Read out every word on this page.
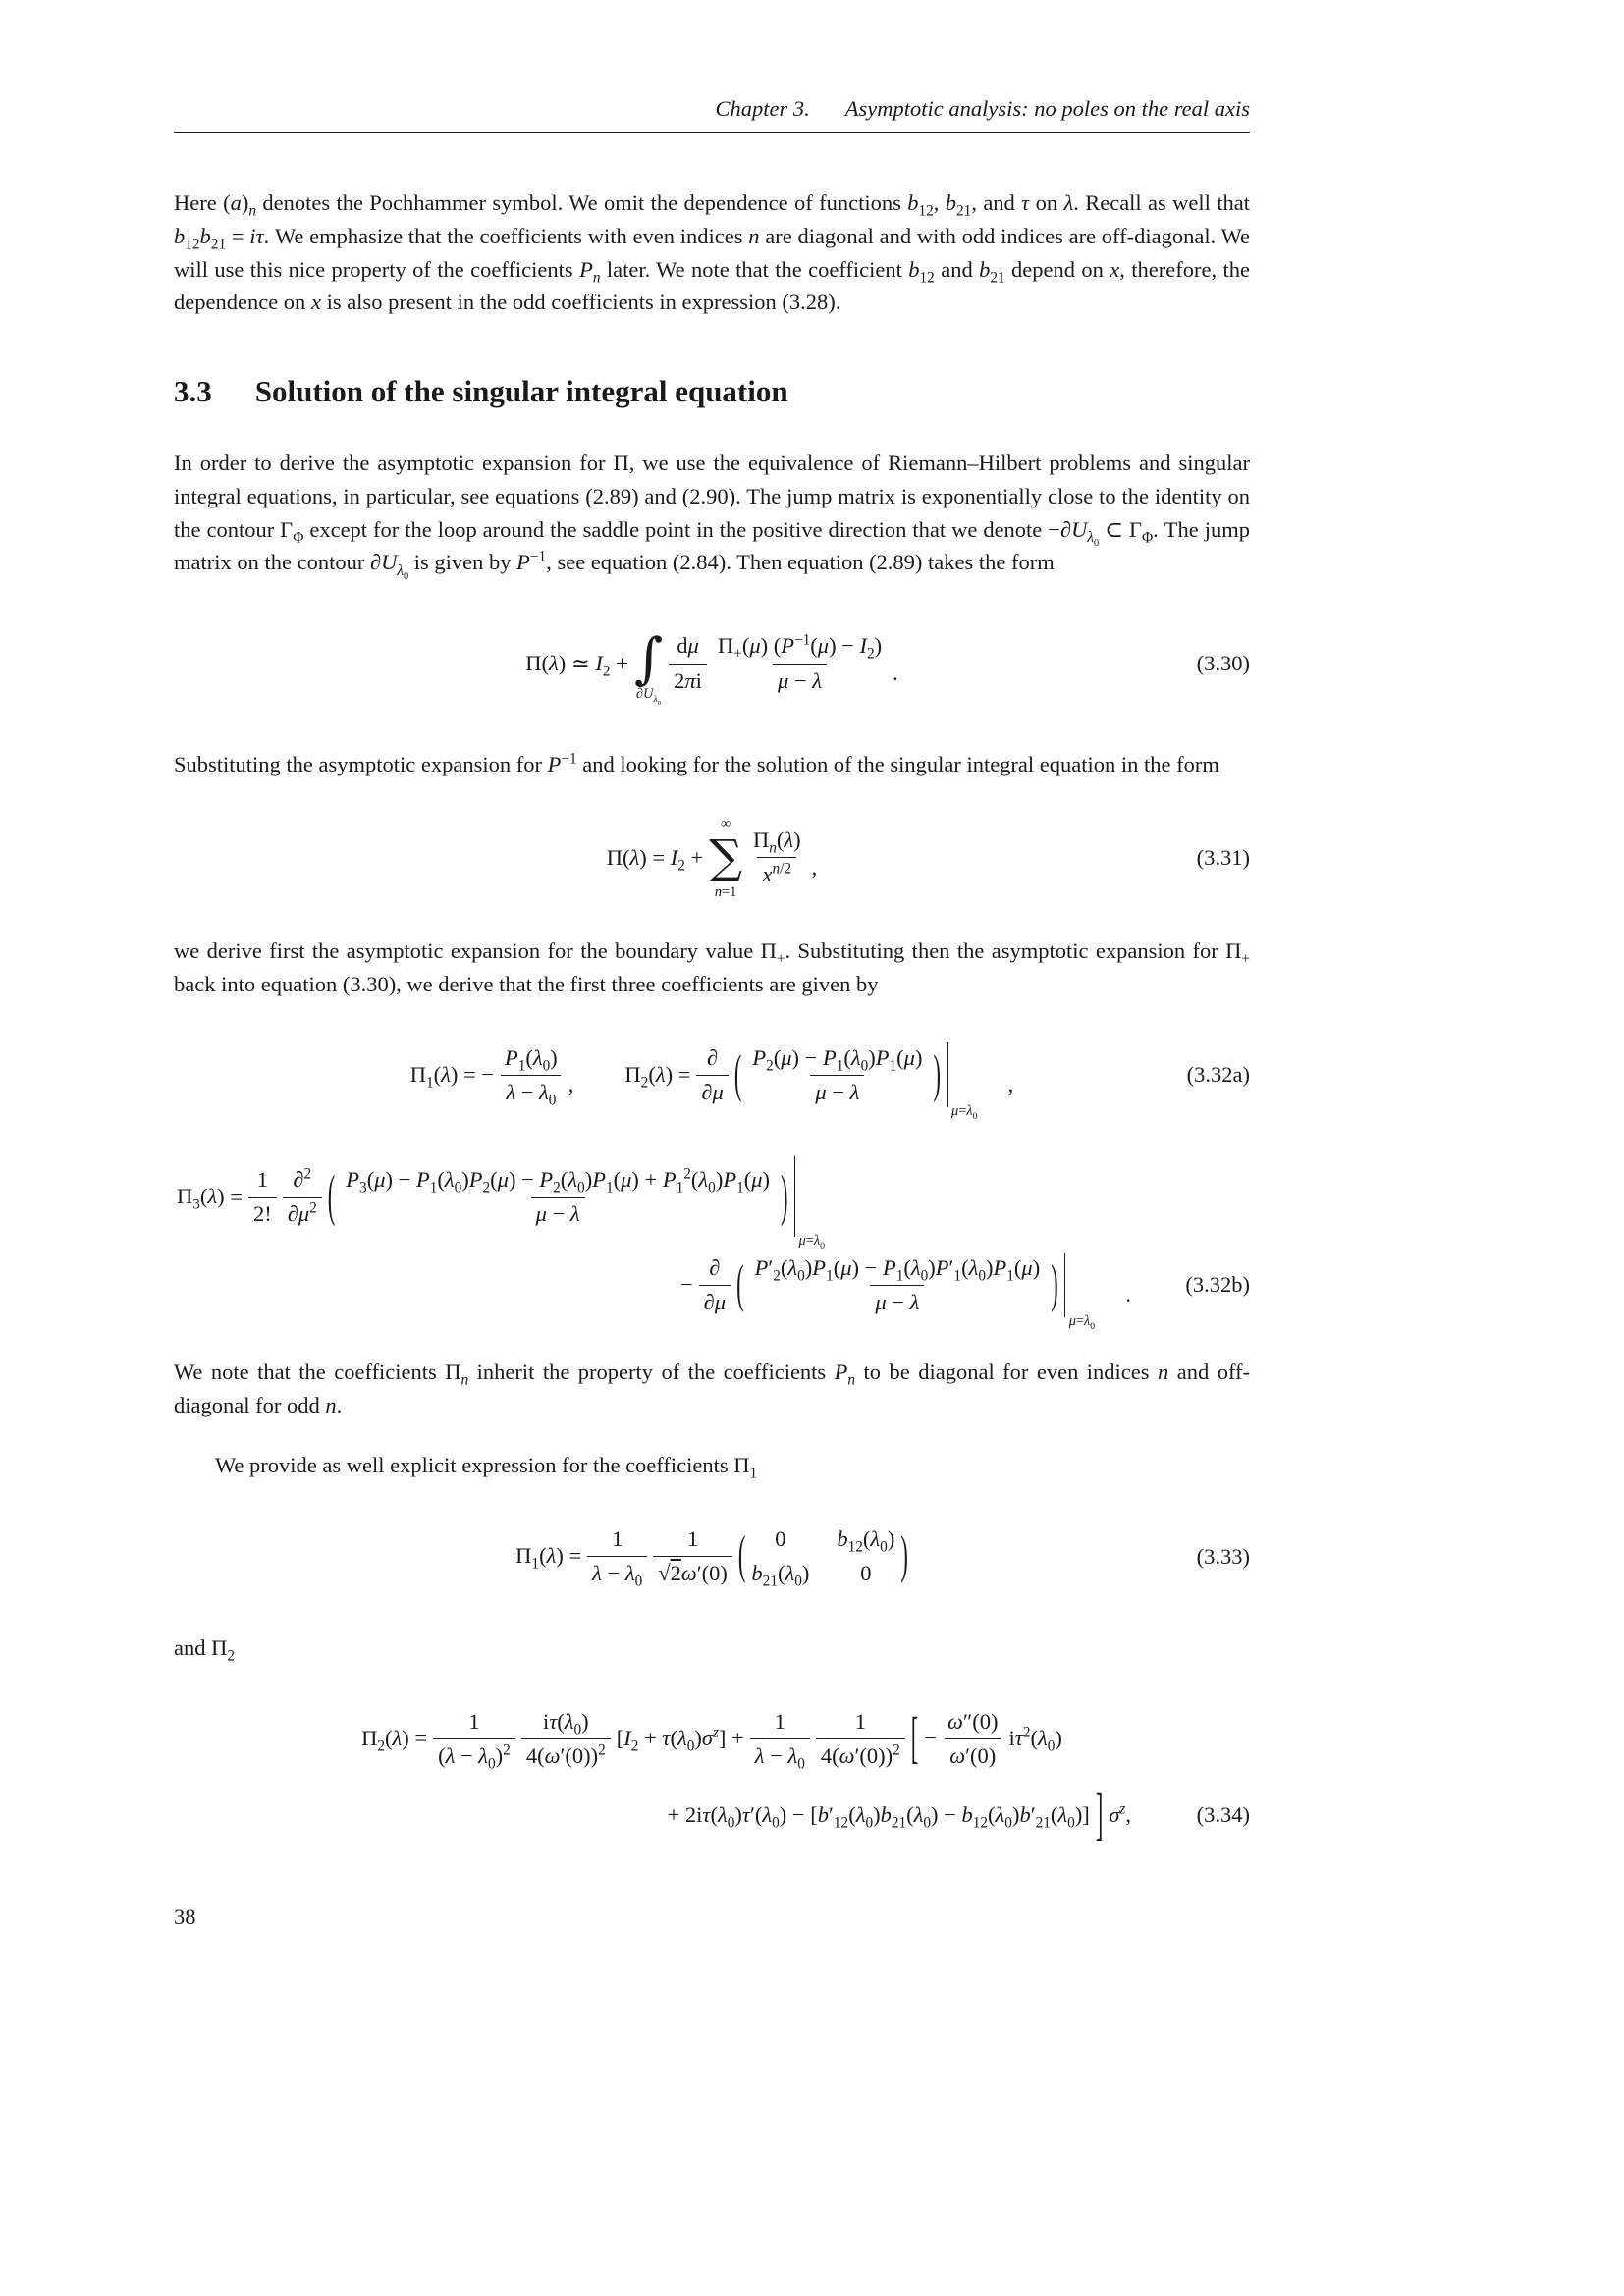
Chapter 3. Asymptotic analysis: no poles on the real axis

Here $(a)_n$ denotes the Pochhammer symbol. We omit the dependence of functions $b_{12}$, $b_{21}$, and τ on λ. Recall as well that $b_{12}b_{21} = i\tau$. We emphasize that the coefficients with even indices n are diagonal and with odd indices are off-diagonal. We will use this nice property of the coefficients $P_n$ later. We note that the coefficient $b_{12}$ and $b_{21}$ depend on x, therefore, the dependence on x is also present in the odd coefficients in expression (3.28).

3.3 Solution of the singular integral equation

In order to derive the asymptotic expansion for Π, we use the equivalence of Riemann–Hilbert problems and singular integral equations, in particular, see equations (2.89) and (2.90). The jump matrix is exponentially close to the identity on the contour $\Gamma_\Phi$ except for the loop around the saddle point in the positive direction that we denote $-\partial U_{\lambda_0}$ ⊂ $\Gamma_\Phi$. The jump matrix on the contour $\partial U_{\lambda_0}$ is given by $P^{-1}$, see equation (2.84). Then equation (2.89) takes the form

Π(λ) ≃ $I_2$ + ∫
$\partial U_{\lambda_0}$
$\frac{d\mu}{2\pi i} \frac{\Pi_+(\mu) (P^{-1}(\mu) - I_2)}{\mu - \lambda}$ .	(3.30)

Substituting the asymptotic expansion for $P^{-1}$ and looking for the solution of the singular integral equation in the form

$\Pi(\lambda) = I_2$ +
∞
∑
n=1
$\frac{\Pi_n(\lambda)}{x^{n/2}}$ ,	(3.31)

we derive first the asymptotic expansion for the boundary value $\Pi_+$. Substituting then the asymptotic expansion for $\Pi_+$ back into equation (3.30), we derive that the first three coefficients are given by

$\Pi_1(\lambda)$ = − $\frac{P_1(\lambda_0)}{\lambda - \lambda_0}$ , $\Pi_2(\lambda) = \frac{\partial}{\partial\mu}$ ( $\frac{P_2(\mu) - P_1(\lambda_0)P_1(\mu)}{\mu - \lambda}$ )
$\mu=\lambda_0$
,	(3.32a)
$\Pi_3(\lambda) = \frac{1}{2!} \frac{\partial^2}{\partial\mu^2}$ ( $\frac{P_3(\mu) - P_1(\lambda_0)P_2(\mu) - P_2(\lambda_0)P_1(\mu) + P_1^2(\lambda_0)P_1(\mu)}{\mu - \lambda}$ )
$\mu=\lambda_0$
− $\frac{\partial}{\partial\mu}$ ( $\frac{P'_2(\lambda_0)P_1(\mu) - P_1(\lambda_0)P'_1(\lambda_0)P_1(\mu)}{\mu - \lambda}$ )
$\mu=\lambda_0$
. (3.32b)

We note that the coefficients $\Pi_n$ inherit the property of the coefficients $P_n$ to be diagonal for even indices n and off-diagonal for odd n.

We provide as well explicit expression for the coefficients $\Pi_1$

$\Pi_1(\lambda) = \frac{1}{\lambda - \lambda_0} \frac{1}{√2\omega'(0)}$ ( 0 $b_{12}(\lambda_0)$
$b_{21}(\lambda_0)$ 0 )	(3.33)

and $\Pi_2$

$\Pi_2(\lambda) = \frac{1}{(\lambda - \lambda_0)^2} \frac{i\tau(\lambda_0)}{4(\omega'(0))^2} [I_2 + \tau(\lambda_0)\sigma^z] + \frac{1}{\lambda - \lambda_0} \frac{1}{4(\omega'(0))^2}$ [ − $\frac{\omega''(0)}{\omega'(0)} i\tau^2(\lambda_0)$
+ $2i\tau(\lambda_0)\tau'(\lambda_0) - [b'_{12}(\lambda_0)b_{21}(\lambda_0) - b_{12}(\lambda_0)b'_{21}(\lambda_0)]$ ] $\sigma^z$,	(3.34)
38
